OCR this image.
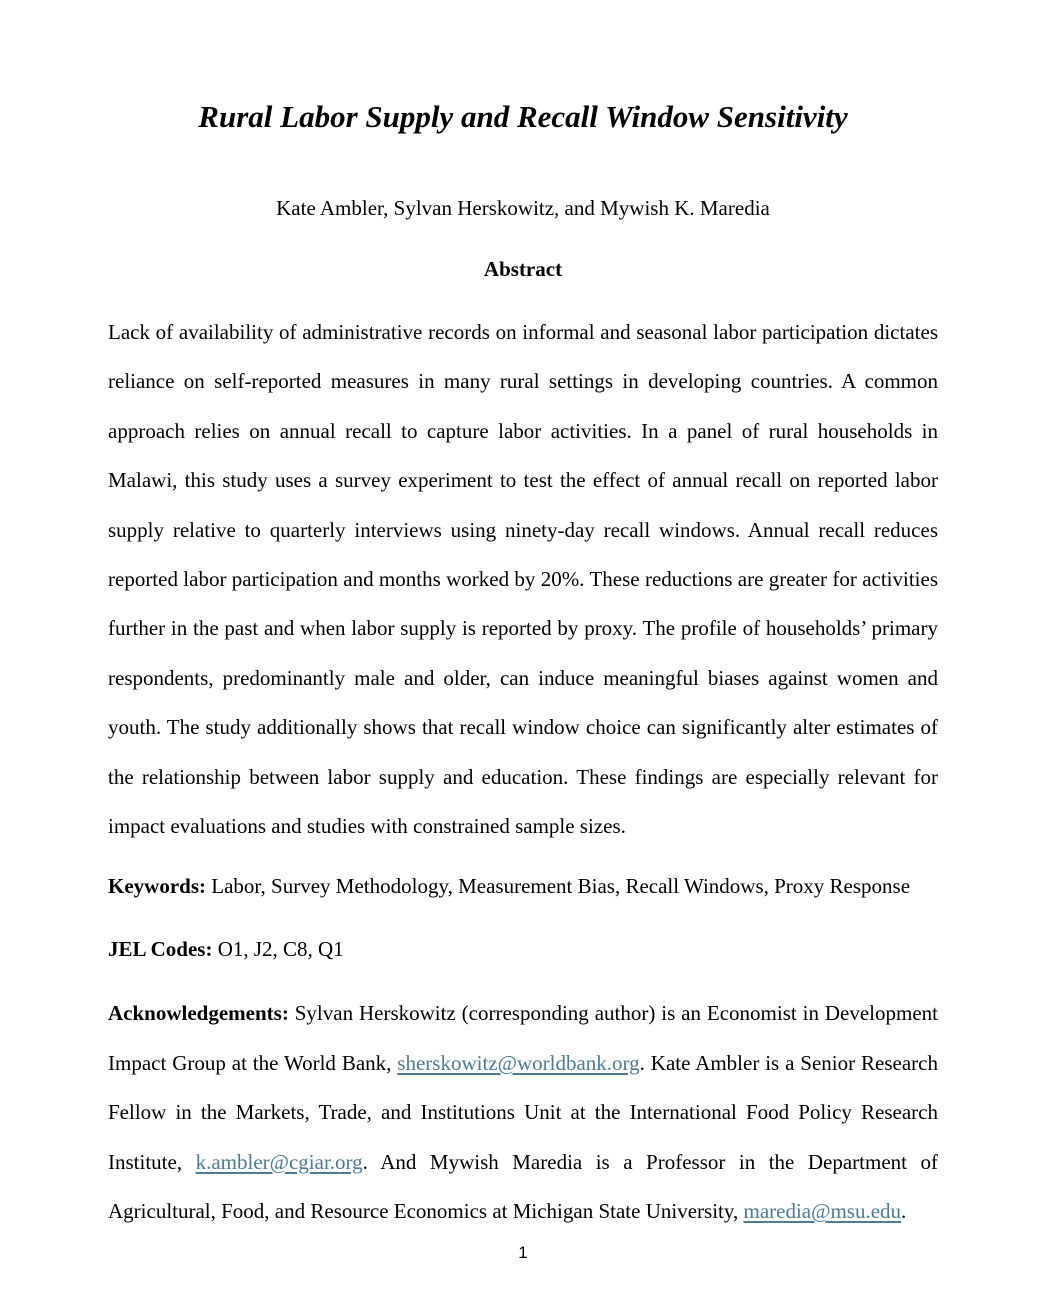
Rural Labor Supply and Recall Window Sensitivity
Kate Ambler, Sylvan Herskowitz, and Mywish K. Maredia
Abstract

Lack of availability of administrative records on informal and seasonal labor participation dictates reliance on self-reported measures in many rural settings in developing countries. A common approach relies on annual recall to capture labor activities. In a panel of rural households in Malawi, this study uses a survey experiment to test the effect of annual recall on reported labor supply relative to quarterly interviews using ninety-day recall windows. Annual recall reduces reported labor participation and months worked by 20%. These reductions are greater for activities further in the past and when labor supply is reported by proxy. The profile of households’ primary respondents, predominantly male and older, can induce meaningful biases against women and youth. The study additionally shows that recall window choice can significantly alter estimates of the relationship between labor supply and education. These findings are especially relevant for impact evaluations and studies with constrained sample sizes.

Keywords: Labor, Survey Methodology, Measurement Bias, Recall Windows, Proxy Response

JEL Codes: O1, J2, C8, Q1

Acknowledgements: Sylvan Herskowitz (corresponding author) is an Economist in Development Impact Group at the World Bank, sherskowitz@worldbank.org. Kate Ambler is a Senior Research Fellow in the Markets, Trade, and Institutions Unit at the International Food Policy Research Institute, k.ambler@cgiar.org. And Mywish Maredia is a Professor in the Department of Agricultural, Food, and Resource Economics at Michigan State University, maredia@msu.edu.

1
